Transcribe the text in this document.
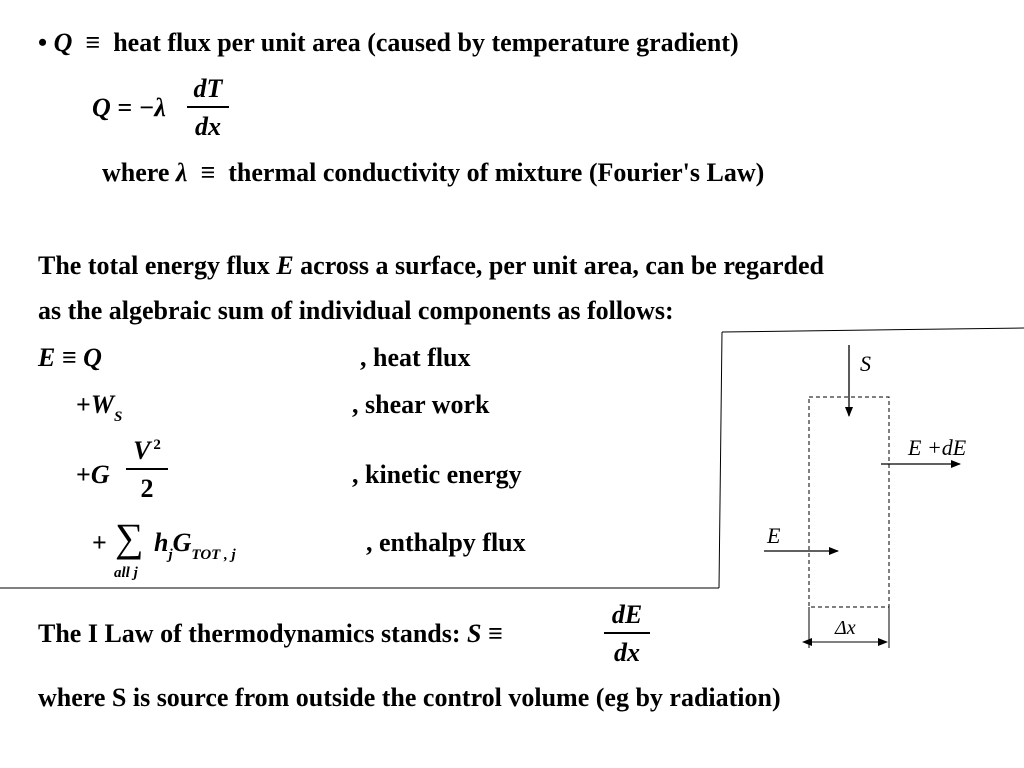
• Q ≡ heat flux per unit area (caused by temperature gradient)
Q = −λ
dT
dx
where λ ≡ thermal conductivity of mixture (Fourier's Law)
The total energy flux E across a surface, per unit area, can be regarded
as the algebraic sum of individual components as follows:
E ≡ Q	, heat flux
$+W_S$	, shear work
+G
V $^2$
2	, kinetic energy
+ ∑
all j
$h_jG_{TOT , j}$	, enthalpy flux
S
E +dE
E
Δx
The I Law of thermodynamics stands: S ≡
dE
dx
where S is source from outside the control volume (eg by radiation)
